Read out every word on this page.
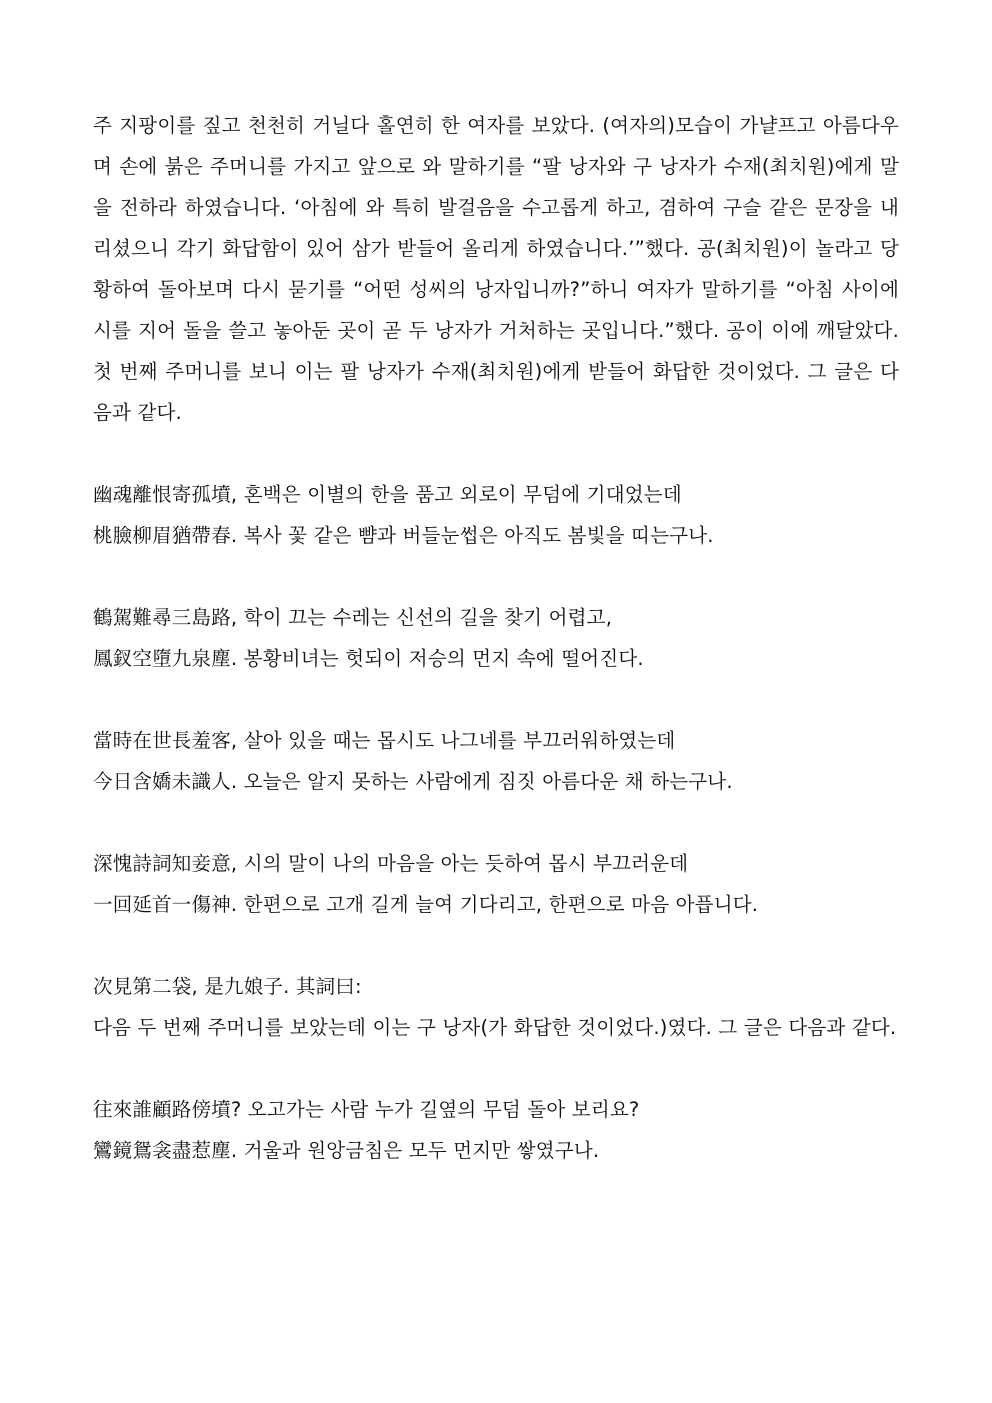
주 지팡이를 짚고 천천히 거닐다 홀연히 한 여자를 보았다. (여자의)모습이 가냘프고 아름다우며 손에 붉은 주머니를 가지고 앞으로 와 말하기를 “팔 낭자와 구 낭자가 수재(최치원)에게 말을 전하라 하였습니다. ‘아침에 와 특히 발걸음을 수고롭게 하고, 겸하여 구슬 같은 문장을 내리셨으니 각기 화답함이 있어 삼가 받들어 올리게 하였습니다.’”했다. 공(최치원)이 놀라고 당황하여 돌아보며 다시 묻기를 “어떤 성씨의 낭자입니까?”하니 여자가 말하기를 “아침 사이에 시를 지어 돌을 쓸고 놓아둔 곳이 곧 두 낭자가 거처하는 곳입니다.”했다. 공이 이에 깨달았다. 첫 번째 주머니를 보니 이는 팔 낭자가 수재(최치원)에게 받들어 화답한 것이었다. 그 글은 다음과 같다.

幽魂離恨寄孤墳, 혼백은 이별의 한을 품고 외로이 무덤에 기대었는데

桃臉柳眉猶帶春. 복사 꽃 같은 뺨과 버들눈썹은 아직도 봄빛을 띠는구나.

鶴駕難尋三島路, 학이 끄는 수레는 신선의 길을 찾기 어렵고,

鳳釵空墮九泉塵. 봉황비녀는 헛되이 저승의 먼지 속에 떨어진다.

當時在世長羞客, 살아 있을 때는 몹시도 나그네를 부끄러워하였는데

今日含嬌未識人. 오늘은 알지 못하는 사람에게 짐짓 아름다운 채 하는구나.

深愧詩詞知妾意, 시의 말이 나의 마음을 아는 듯하여 몹시 부끄러운데

一回延首一傷神. 한편으로 고개 길게 늘여 기다리고, 한편으로 마음 아픕니다.

次見第二袋, 是九娘子. 其詞曰:

다음 두 번째 주머니를 보았는데 이는 구 낭자(가 화답한 것이었다.)였다. 그 글은 다음과 같다.

往來誰顧路傍墳? 오고가는 사람 누가 길옆의 무덤 돌아 보리요?

鸞鏡鴛衾盡惹塵. 거울과 원앙금침은 모두 먼지만 쌓였구나.
